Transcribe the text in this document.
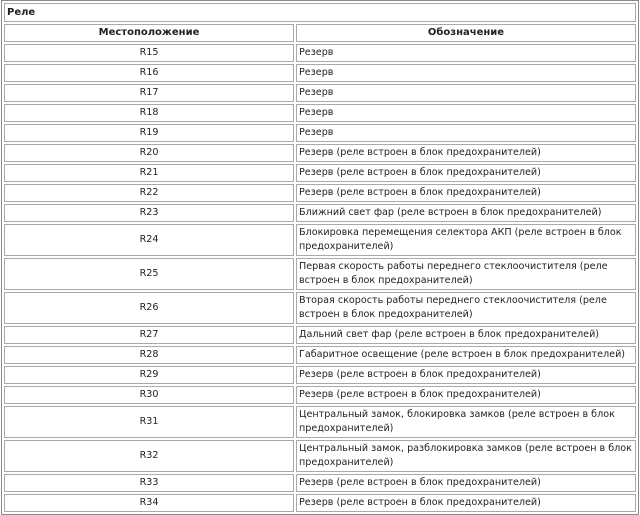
Реле	
Местоположение	Обозначение
R15	Резерв
R16	Резерв
R17	Резерв
R18	Резерв
R19	Резерв
R20	Резерв (реле встроен в блок предохранителей)
R21	Резерв (реле встроен в блок предохранителей)
R22	Резерв (реле встроен в блок предохранителей)
R23	Ближний свет фар (реле встроен в блок предохранителей)
R24	Блокировка перемещения селектора АКП (реле встроен в блок предохранителей)
R25	Первая скорость работы переднего стеклоочистителя (реле встроен в блок предохранителей)
R26	Вторая скорость работы переднего стеклоочистителя (реле встроен в блок предохранителей)
R27	Дальний свет фар (реле встроен в блок предохранителей)
R28	Габаритное освещение (реле встроен в блок предохранителей)
R29	Резерв (реле встроен в блок предохранителей)
R30	Резерв (реле встроен в блок предохранителей)
R31	Центральный замок, блокировка замков (реле встроен в блок предохранителей)
R32	Центральный замок, разблокировка замков (реле встроен в блок предохранителей)
R33	Резерв (реле встроен в блок предохранителей)
R34	Резерв (реле встроен в блок предохранителей)
